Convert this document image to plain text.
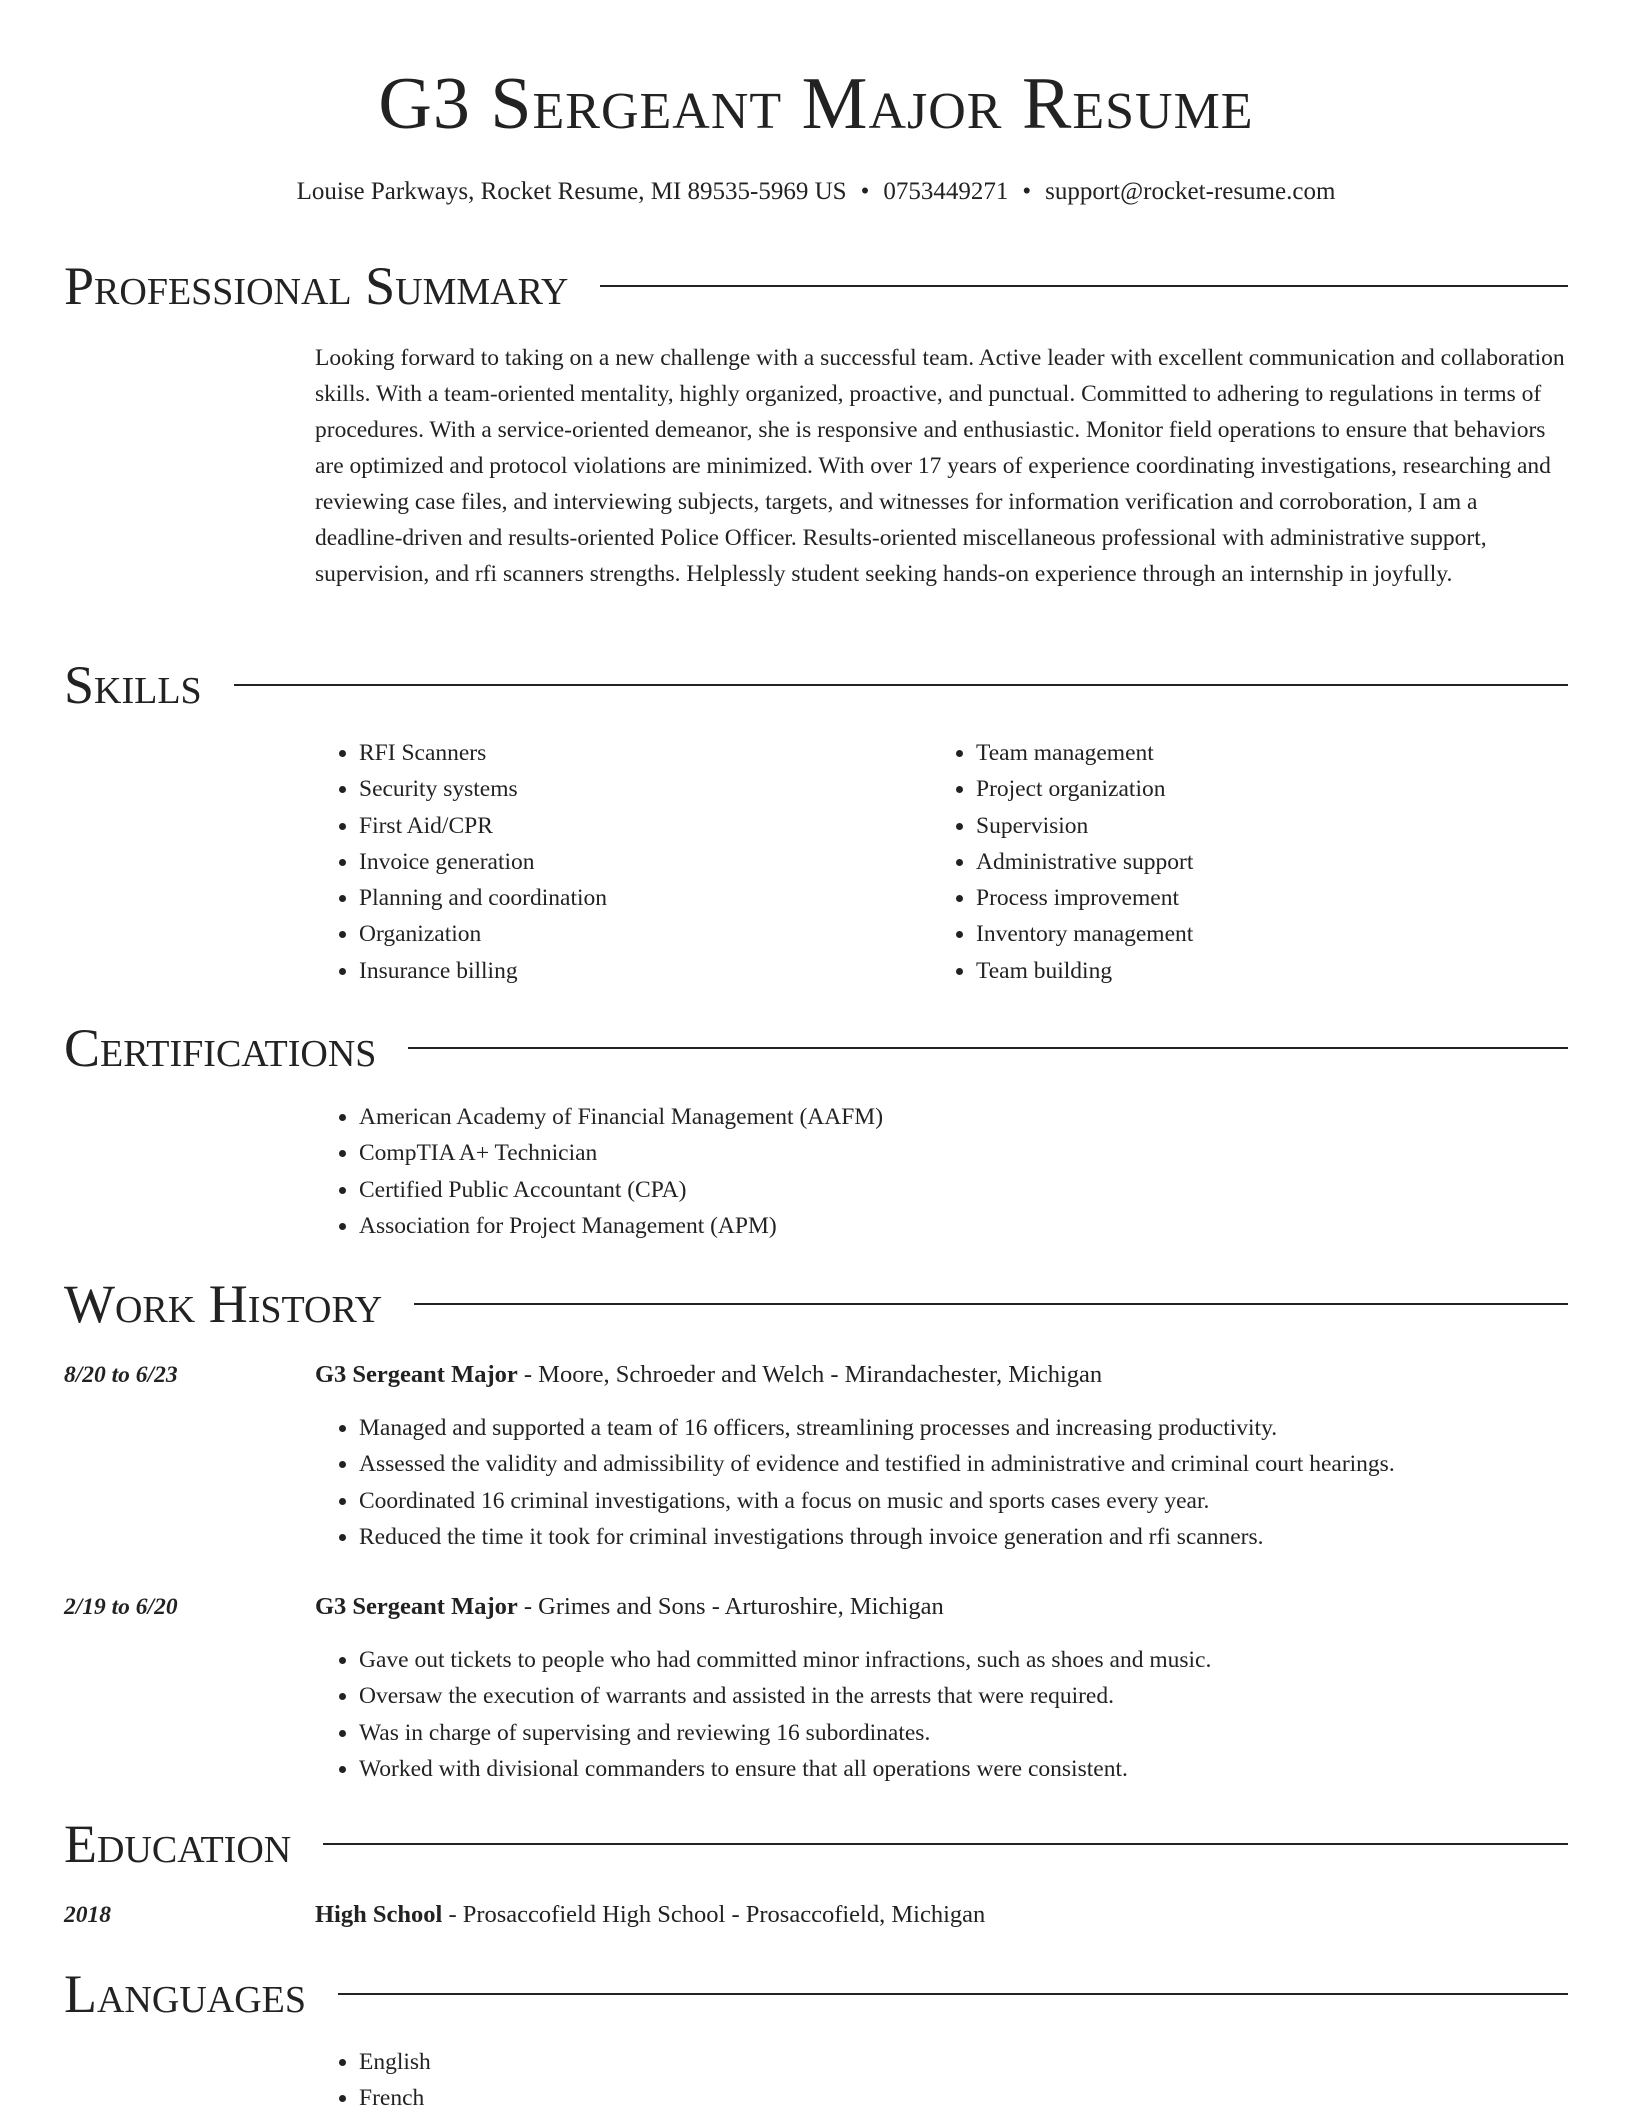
G3 Sergeant Major Resume
Louise Parkways, Rocket Resume, MI 89535-5969 US • 0753449271 • support@rocket-resume.com
Professional Summary

Looking forward to taking on a new challenge with a successful team. Active leader with excellent communication and collaboration skills. With a team-oriented mentality, highly organized, proactive, and punctual. Committed to adhering to regulations in terms of procedures. With a service-oriented demeanor, she is responsive and enthusiastic. Monitor field operations to ensure that behaviors are optimized and protocol violations are minimized. With over 17 years of experience coordinating investigations, researching and reviewing case files, and interviewing subjects, targets, and witnesses for information verification and corroboration, I am a deadline-driven and results-oriented Police Officer. Results-oriented miscellaneous professional with administrative support, supervision, and rfi scanners strengths. Helplessly student seeking hands-on experience through an internship in joyfully.

Skills
• RFI Scanners
• Security systems
• First Aid/CPR
• Invoice generation
• Planning and coordination
• Organization
• Insurance billing
• Team management
• Project organization
• Supervision
• Administrative support
• Process improvement
• Inventory management
• Team building
Certifications
• American Academy of Financial Management (AAFM)
• CompTIA A+ Technician
• Certified Public Accountant (CPA)
• Association for Project Management (APM)
Work History
8/20 to 6/23	G3 Sergeant Major - Moore, Schroeder and Welch - Mirandachester, Michigan
• Managed and supported a team of 16 officers, streamlining processes and increasing productivity.
• Assessed the validity and admissibility of evidence and testified in administrative and criminal court hearings.
• Coordinated 16 criminal investigations, with a focus on music and sports cases every year.
• Reduced the time it took for criminal investigations through invoice generation and rfi scanners.
2/19 to 6/20	G3 Sergeant Major - Grimes and Sons - Arturoshire, Michigan
• Gave out tickets to people who had committed minor infractions, such as shoes and music.
• Oversaw the execution of warrants and assisted in the arrests that were required.
• Was in charge of supervising and reviewing 16 subordinates.
• Worked with divisional commanders to ensure that all operations were consistent.
Education
2018	High School - Prosaccofield High School - Prosaccofield, Michigan
Languages
• English
• French
